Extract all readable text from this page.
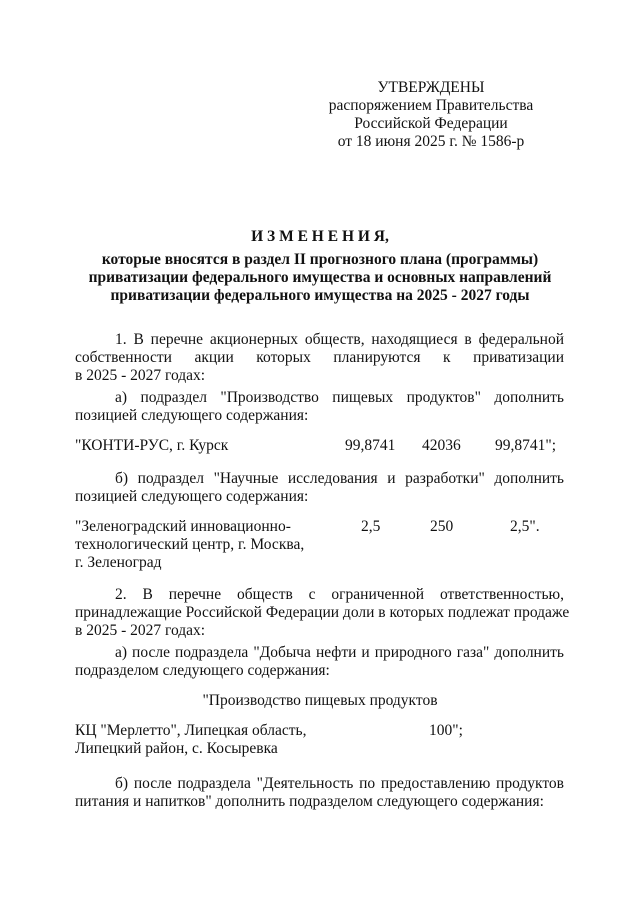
УТВЕРЖДЕНЫ
распоряжением Правительства
Российской Федерации
от 18 июня 2025 г. № 1586-р
И З М Е Н Е Н И Я,
которые вносятся в раздел II прогнозного плана (программы)
приватизации федерального имущества и основных направлений
приватизации федерального имущества на 2025 - 2027 годы
1. В перечне акционерных обществ, находящиеся в федеральной
собственности акции которых планируются к приватизации
в 2025 - 2027 годах:
а) подраздел "Производство пищевых продуктов" дополнить
позицией следующего содержания:
"КОНТИ-РУС, г. Курск	99,8741 42036 99,8741";
б) подраздел "Научные исследования и разработки" дополнить
позицией следующего содержания:
"Зеленоградский инновационно-
технологический центр, г. Москва,
г. Зеленоград
2,5	250	2,5".
2. В перечне обществ с ограниченной ответственностью,
принадлежащие Российской Федерации доли в которых подлежат продаже
в 2025 - 2027 годах:
а) после подраздела "Добыча нефти и природного газа" дополнить
подразделом следующего содержания:
"Производство пищевых продуктов
КЦ "Мерлетто", Липецкая область,
Липецкий район, с. Косыревка
100";
б) после подраздела "Деятельность по предоставлению продуктов
питания и напитков" дополнить подразделом следующего содержания:
